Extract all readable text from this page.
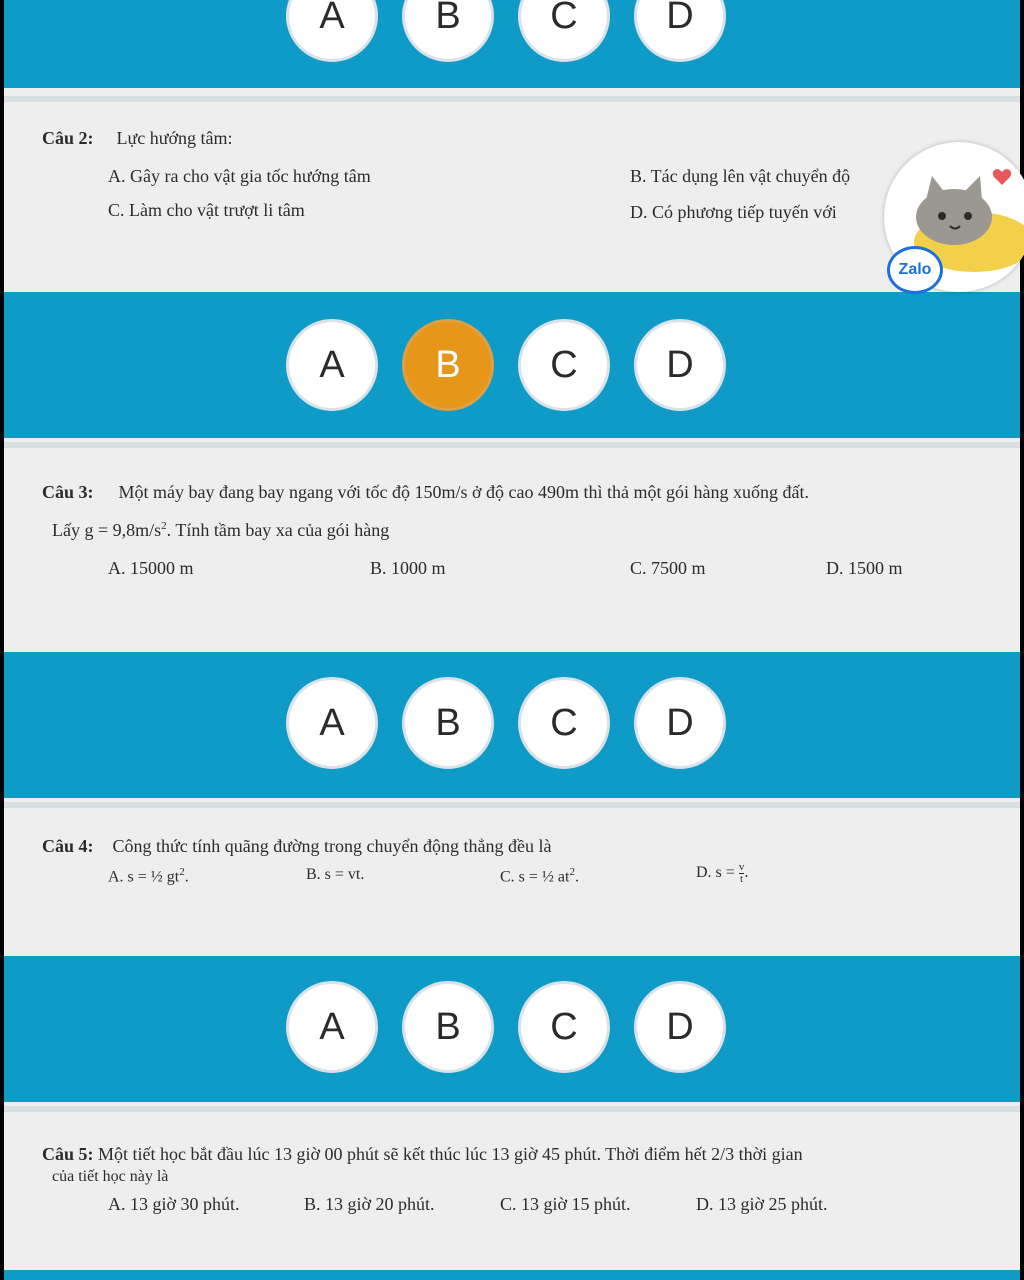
A	B	C	D
Câu 2: Lực hướng tâm:
A. Gây ra cho vật gia tốc hướng tâm	B. Tác dụng lên vật chuyển độ
C. Làm cho vật trượt li tâm	D. Có phương tiếp tuyến với
A	B	C	D
Câu 3: Một máy bay đang bay ngang với tốc độ 150m/s ở độ cao 490m thì thả một gói hàng xuống đất.
Lấy $g = 9,8m/s^2$. Tính tầm bay xa của gói hàng
A. 15000 m	B. 1000 m	C. 7500 m	D. 1500 m
A	B	C	D
Câu 4: Công thức tính quãng đường trong chuyển động thẳng đều là
A. s = ½ $gt^2$.	B. s = vt.	C. s = ½ $at^2$.	D. $s = \frac{v}{t}$ .
A	B	C	D
Câu 5: Một tiết học bắt đầu lúc 13 giờ 00 phút sẽ kết thúc lúc 13 giờ 45 phút. Thời điểm hết 2/3 thời gian
của tiết học này là
A. 13 giờ 30 phút.	B. 13 giờ 20 phút.	C. 13 giờ 15 phút.	D. 13 giờ 25 phút.
Zalo
